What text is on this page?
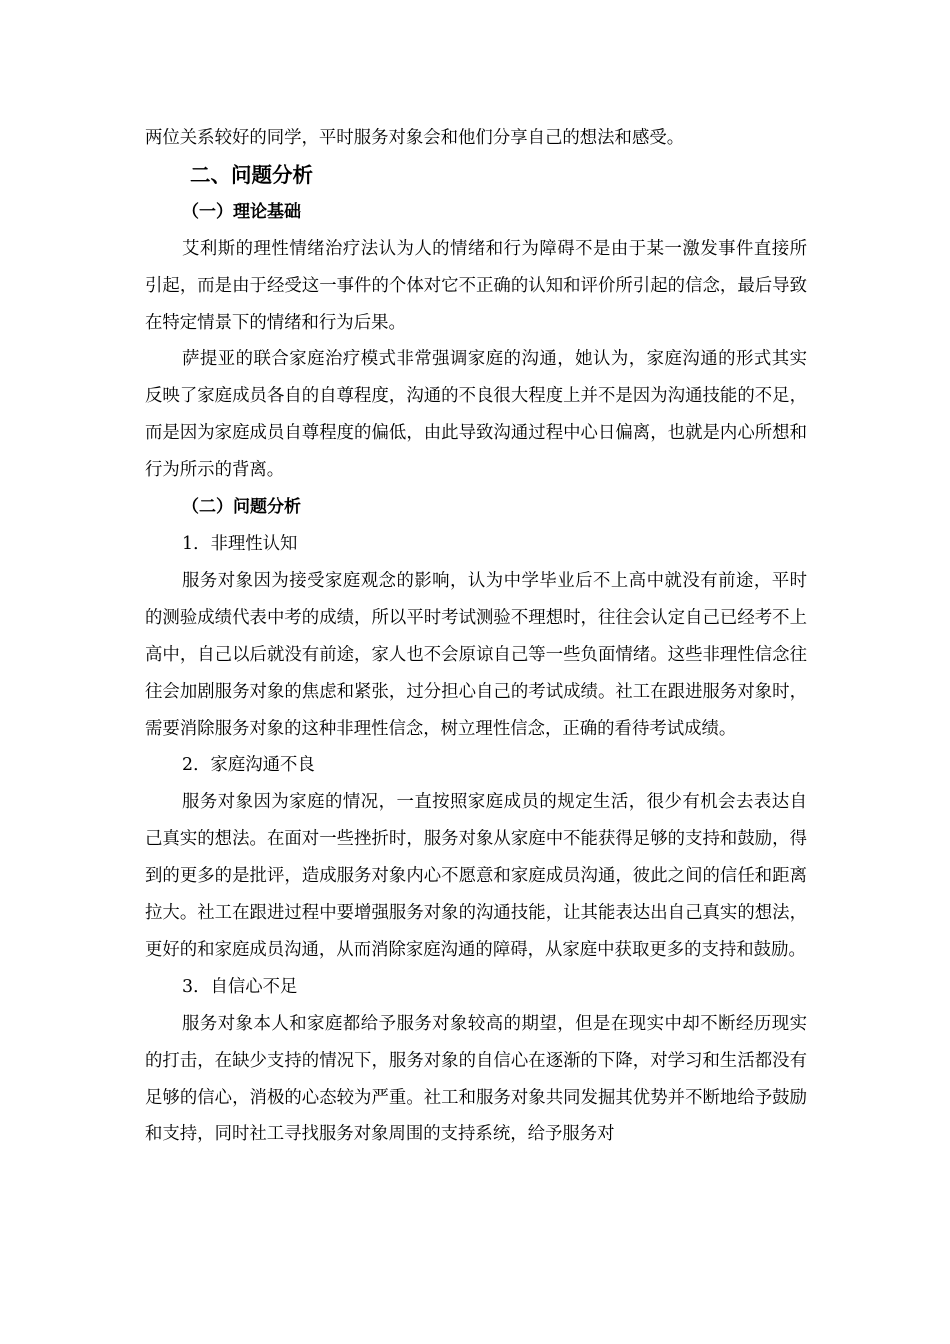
两位关系较好的同学，平时服务对象会和他们分享自己的想法和感受。

二、问题分析

（一）理论基础

艾利斯的理性情绪治疗法认为人的情绪和行为障碍不是由于某一激发事件直接所引起，而是由于经受这一事件的个体对它不正确的认知和评价所引起的信念，最后导致在特定情景下的情绪和行为后果。

萨提亚的联合家庭治疗模式非常强调家庭的沟通，她认为，家庭沟通的形式其实反映了家庭成员各自的自尊程度，沟通的不良很大程度上并不是因为沟通技能的不足，而是因为家庭成员自尊程度的偏低，由此导致沟通过程中心日偏离，也就是内心所想和行为所示的背离。

（二）问题分析

1．非理性认知

服务对象因为接受家庭观念的影响，认为中学毕业后不上高中就没有前途，平时的测验成绩代表中考的成绩，所以平时考试测验不理想时，往往会认定自己已经考不上高中，自己以后就没有前途，家人也不会原谅自己等一些负面情绪。这些非理性信念往往会加剧服务对象的焦虑和紧张，过分担心自己的考试成绩。社工在跟进服务对象时，需要消除服务对象的这种非理性信念，树立理性信念，正确的看待考试成绩。

2．家庭沟通不良

服务对象因为家庭的情况，一直按照家庭成员的规定生活，很少有机会去表达自己真实的想法。在面对一些挫折时，服务对象从家庭中不能获得足够的支持和鼓励，得到的更多的是批评，造成服务对象内心不愿意和家庭成员沟通，彼此之间的信任和距离拉大。社工在跟进过程中要增强服务对象的沟通技能，让其能表达出自己真实的想法，更好的和家庭成员沟通，从而消除家庭沟通的障碍，从家庭中获取更多的支持和鼓励。

3．自信心不足

服务对象本人和家庭都给予服务对象较高的期望，但是在现实中却不断经历现实的打击，在缺少支持的情况下，服务对象的自信心在逐渐的下降，对学习和生活都没有足够的信心，消极的心态较为严重。社工和服务对象共同发掘其优势并不断地给予鼓励和支持，同时社工寻找服务对象周围的支持系统，给予服务对
